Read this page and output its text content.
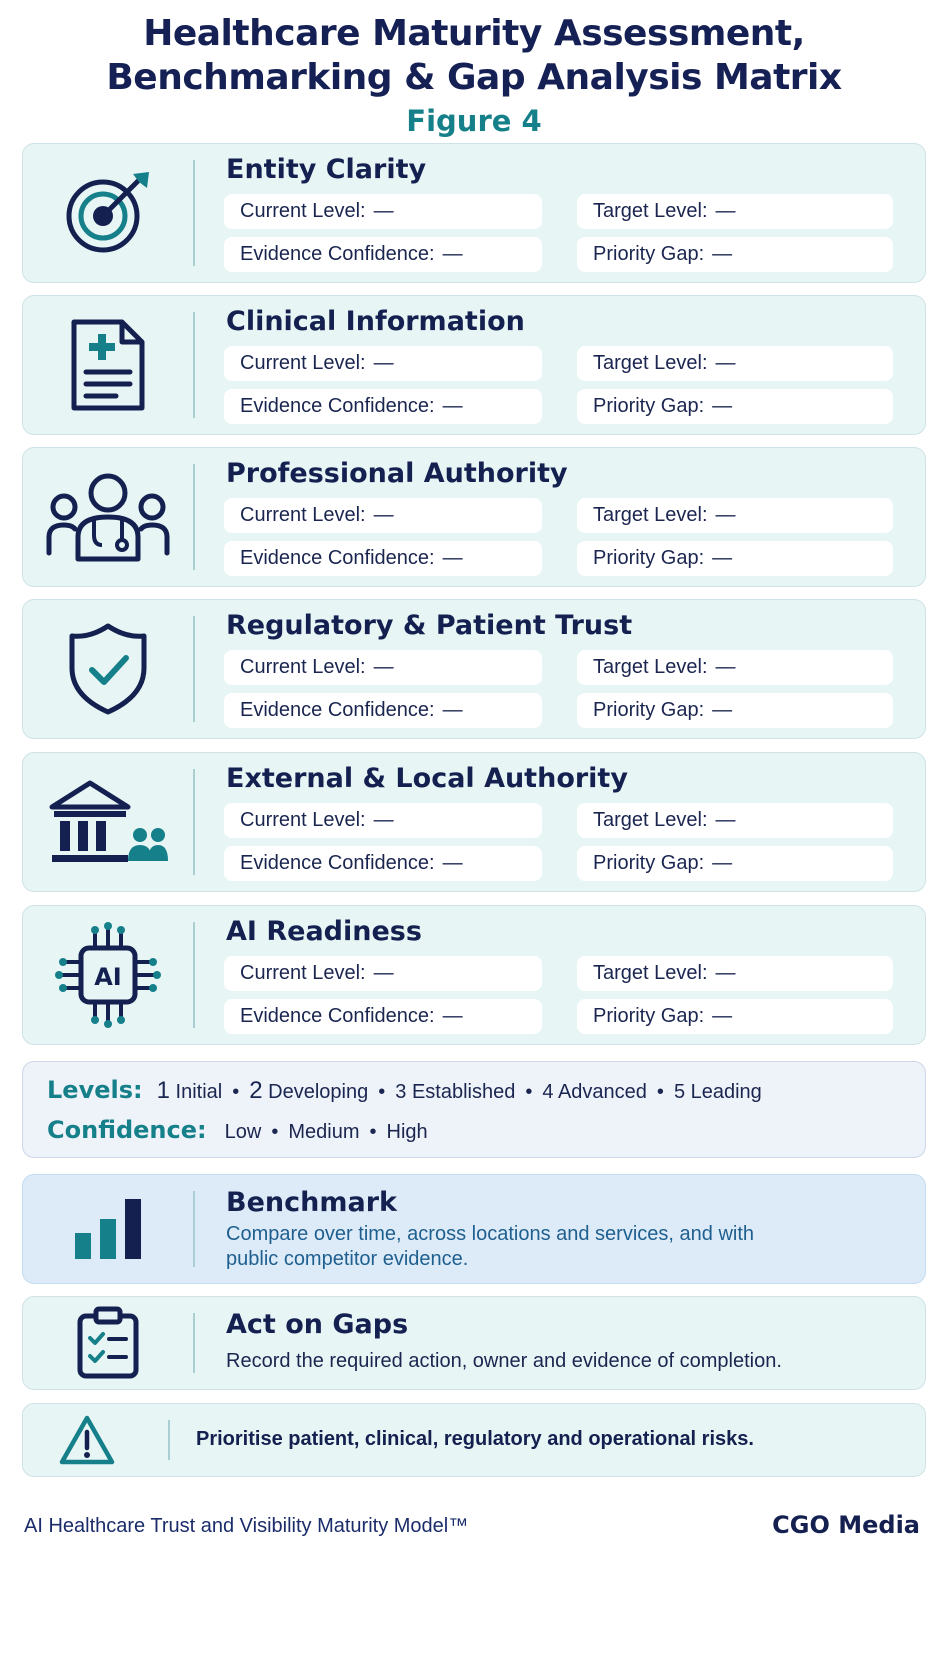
Healthcare Maturity Assessment,
Benchmarking & Gap Analysis Matrix
Figure 4
Entity Clarity
Current Level: —	Target Level: —
Evidence Confidence: —	Priority Gap: —
Clinical Information
Current Level: —	Target Level: —
Evidence Confidence: —	Priority Gap: —
Professional Authority
Current Level: —	Target Level: —
Evidence Confidence: —	Priority Gap: —
Regulatory & Patient Trust
Current Level: —	Target Level: —
Evidence Confidence: —	Priority Gap: —
External & Local Authority
Current Level: —	Target Level: —
Evidence Confidence: —	Priority Gap: —
AI
AI Readiness
Current Level: —	Target Level: —
Evidence Confidence: —	Priority Gap: —
Levels: 1 Initial • 2 Developing • 3 Established • 4 Advanced • 5 Leading
Confidence: Low • Medium • High
Benchmark
Compare over time, across locations and services, and with
public competitor evidence.
Act on Gaps
Record the required action, owner and evidence of completion.
Prioritise patient, clinical, regulatory and operational risks.
AI Healthcare Trust and Visibility Maturity Model™	CGO Media
